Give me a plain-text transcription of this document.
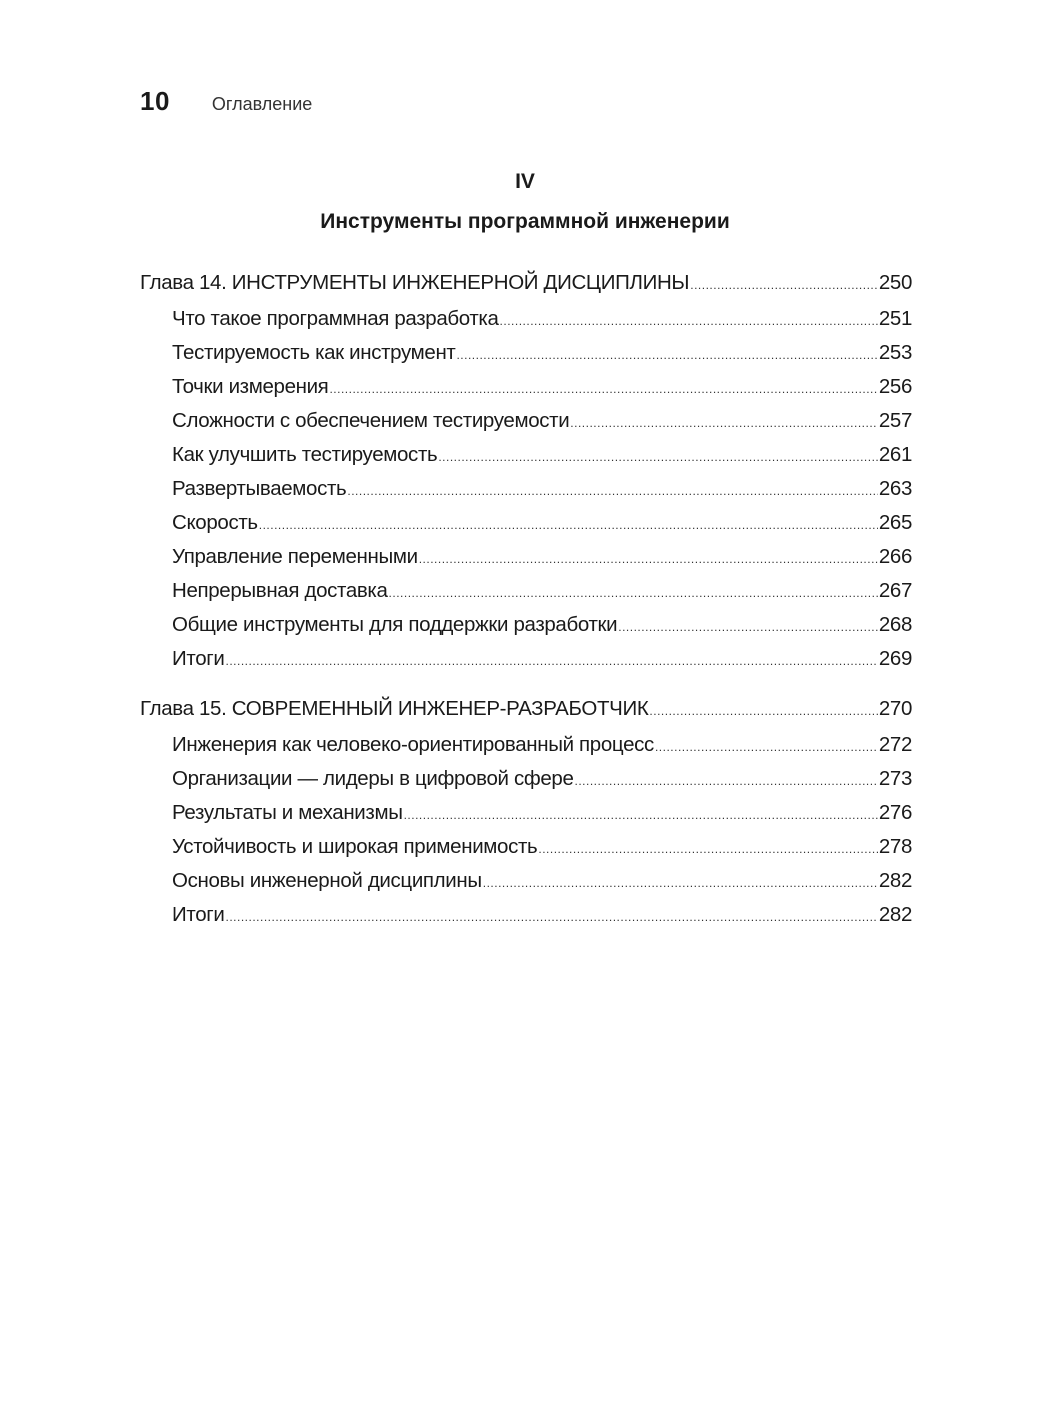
10 Оглавление
IV
Инструменты программной инженерии
Глава 14. ИНСТРУМЕНТЫ ИНЖЕНЕРНОЙ ДИСЦИПЛИНЫ .....	250
Что такое программная разработка .....	251
Тестируемость как инструмент .....	253
Точки измерения .....	256
Сложности с обеспечением тестируемости .....	257
Как улучшить тестируемость .....	261
Развертываемость .....	263
Скорость .....	265
Управление переменными .....	266
Непрерывная доставка .....	267
Общие инструменты для поддержки разработки .....	268
Итоги .....	269
Глава 15. СОВРЕМЕННЫЙ ИНЖЕНЕР-РАЗРАБОТЧИК .....	270
Инженерия как человеко-ориентированный процесс .....	272
Организации — лидеры в цифровой сфере .....	273
Результаты и механизмы .....	276
Устойчивость и широкая применимость .....	278
Основы инженерной дисциплины .....	282
Итоги .....	282
